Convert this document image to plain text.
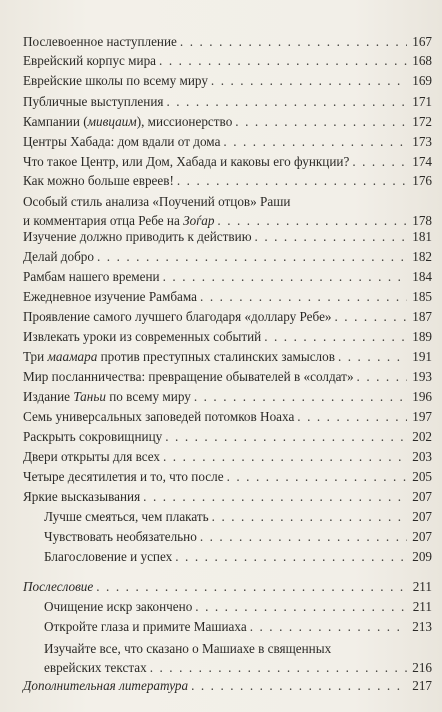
Послевоенное наступление . . .	167
Еврейский корпус мира . . .	168
Еврейские школы по всему миру . . .	169
Публичные выступления . . .	171
Кампании (мивцаим), миссионерство . . .	172
Центры Хабада: дом вдали от дома . . .	173
Что такое Центр, или Дом, Хабада и каковы его функции? . . .	174
Как можно больше евреев! . . .	176
Особый стиль анализа «Поучений отцов» Раши
и комментария отца Ребе на Зоѓар . . .	178
Изучение должно приводить к действию . . .	181
Делай добро . . .	182
Рамбам нашего времени . . .	184
Ежедневное изучение Рамбама . . .	185
Проявление самого лучшего благодаря «доллару Ребе» . . .	187
Извлекать уроки из современных событий . . .	189
Три маамара против преступных сталинских замыслов . . .	191
Мир посланничества: превращение обывателей в «солдат» . . .	193
Издание Таньи по всему миру . . .	196
Семь универсальных заповедей потомков Ноаха . . .	197
Раскрыть сокровищницу . . .	202
Двери открыты для всех . . .	203
Четыре десятилетия и то, что после . . .	205
Яркие высказывания . . .	207
Лучше смеяться, чем плакать . . .	207
Чувствовать необязательно . . .	207
Благословение и успех . . .	209
Послесловие . . .	211
Очищение искр закончено . . .	211
Откройте глаза и примите Машиаха . . .	213
Изучайте все, что сказано о Машиахе в священных
еврейских текстах . . .	216
Дополнительная литература . . .	217
